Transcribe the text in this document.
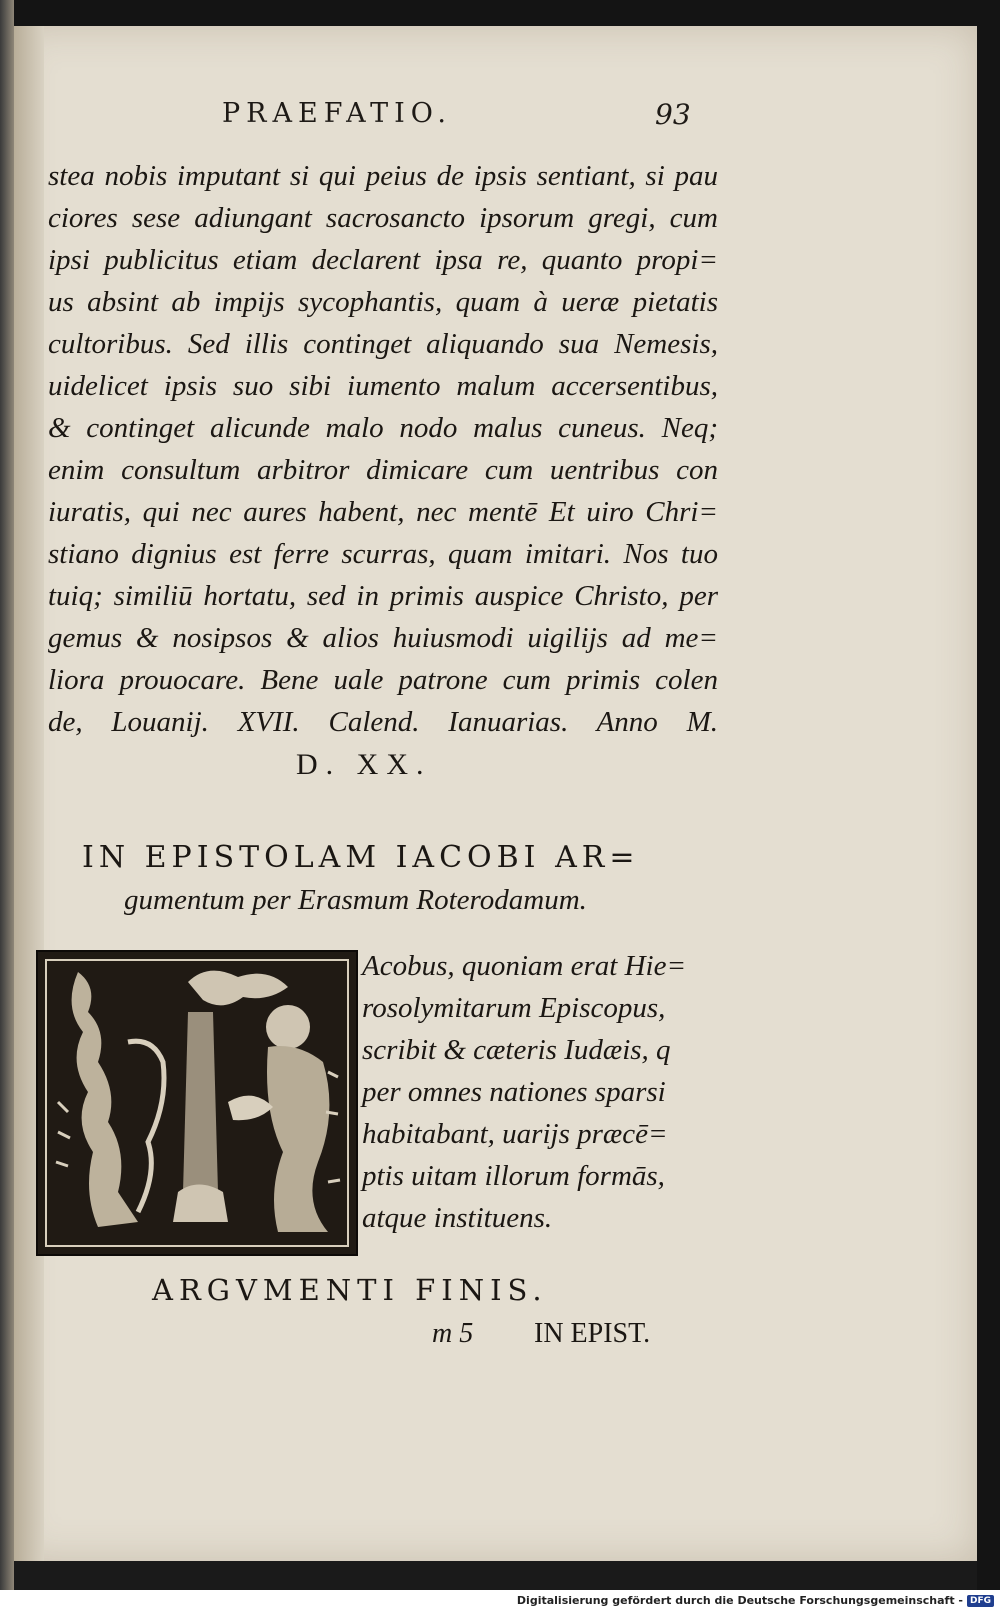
PRAEFATIO.	93
stea nobis imputant si qui peius de ipsis sentiant, si pau
ciores sese adiungant sacrosancto ipsorum gregi, cum
ipsi publicitus etiam declarent ipsa re, quanto propi=
us absint ab impijs sycophantis, quam à ueræ pietatis
cultoribus. Sed illis continget aliquando sua Nemesis,
uidelicet ipsis suo sibi iumento malum accersentibus,
& continget alicunde malo nodo malus cuneus. Neq;
enim consultum arbitror dimicare cum uentribus con
iuratis, qui nec aures habent, nec mentē Et uiro Chri=
stiano dignius est ferre scurras, quam imitari. Nos tuo
tuiq; similiū hortatu, sed in primis auspice Christo, per
gemus & nosipsos & alios huiusmodi uigilijs ad me=
liora prouocare. Bene uale patrone cum primis colen
de, Louanij. XVII. Calend. Ianuarias. Anno M.
D. XX.
IN EPISTOLAM IACOBI AR=
gumentum per Erasmum Roterodamum.
Acobus, quoniam erat Hie=
rosolymitarum Episcopus,
scribit & cæteris Iudæis, q
per omnes nationes sparsi
habitabant, uarijs præcē=
ptis uitam illorum formās,
atque instituens.
ARGVMENTI FINIS.
m 5 IN EPIST.
Digitalisierung gefördert durch die Deutsche Forschungsgemeinschaft - DFG
